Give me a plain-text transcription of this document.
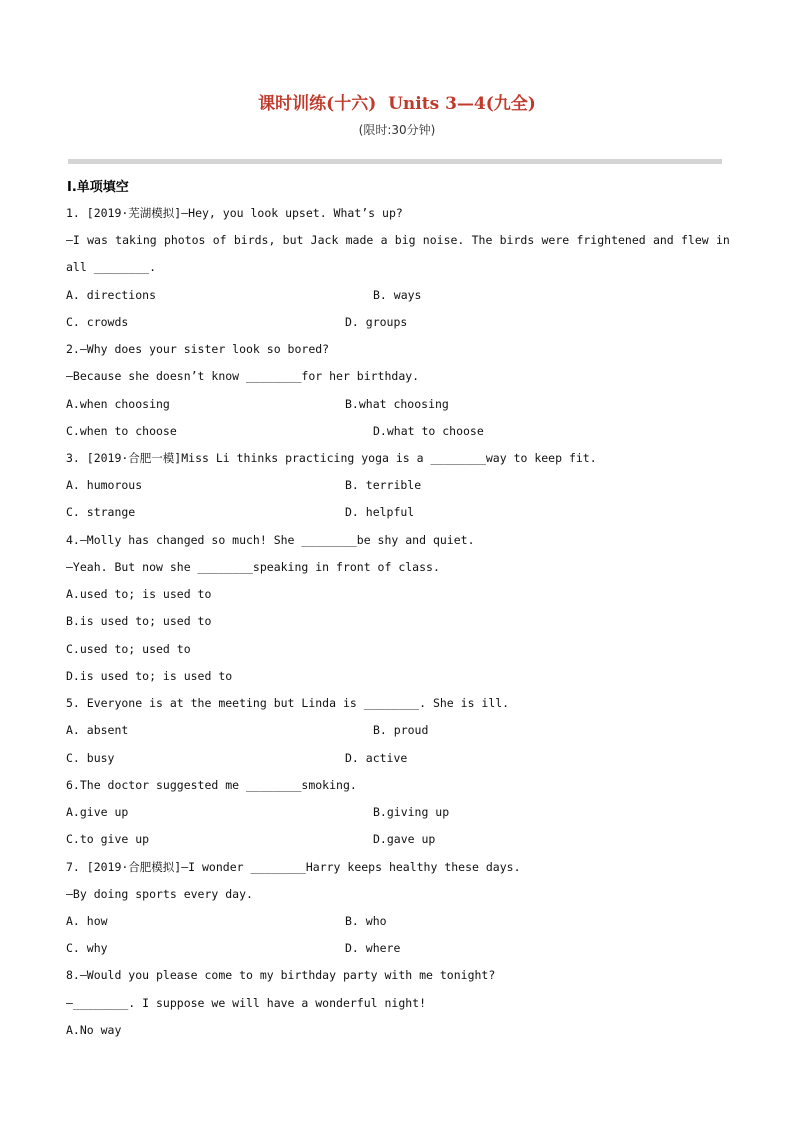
课时训练(十六)  Units 3—4(九全)
(限时:30分钟)
Ⅰ.单项填空
1. [2019·芜湖模拟]—Hey, you look upset. What’s up?
—I was taking photos of birds, but Jack made a big noise. The birds were frightened and flew in
all ________.
A. directions	B. ways
C. crowds	D. groups
2.—Why does your sister look so bored?
—Because she doesn’t know ________for her birthday.
A.when choosing	B.what choosing
C.when to choose	D.what to choose
3. [2019·合肥一模]Miss Li thinks practicing yoga is a ________way to keep fit.
A. humorous	B. terrible
C. strange	D. helpful
4.—Molly has changed so much! She ________be shy and quiet.
—Yeah. But now she ________speaking in front of class.
A.used to; is used to
B.is used to; used to
C.used to; used to
D.is used to; is used to
5. Everyone is at the meeting but Linda is ________. She is ill.
A. absent	B. proud
C. busy	D. active
6.The doctor suggested me ________smoking.
A.give up	B.giving up
C.to give up	D.gave up
7. [2019·合肥模拟]—I wonder ________Harry keeps healthy these days.
—By doing sports every day.
A. how	B. who
C. why	D. where
8.—Would you please come to my birthday party with me tonight?
—________. I suppose we will have a wonderful night!
A.No way
